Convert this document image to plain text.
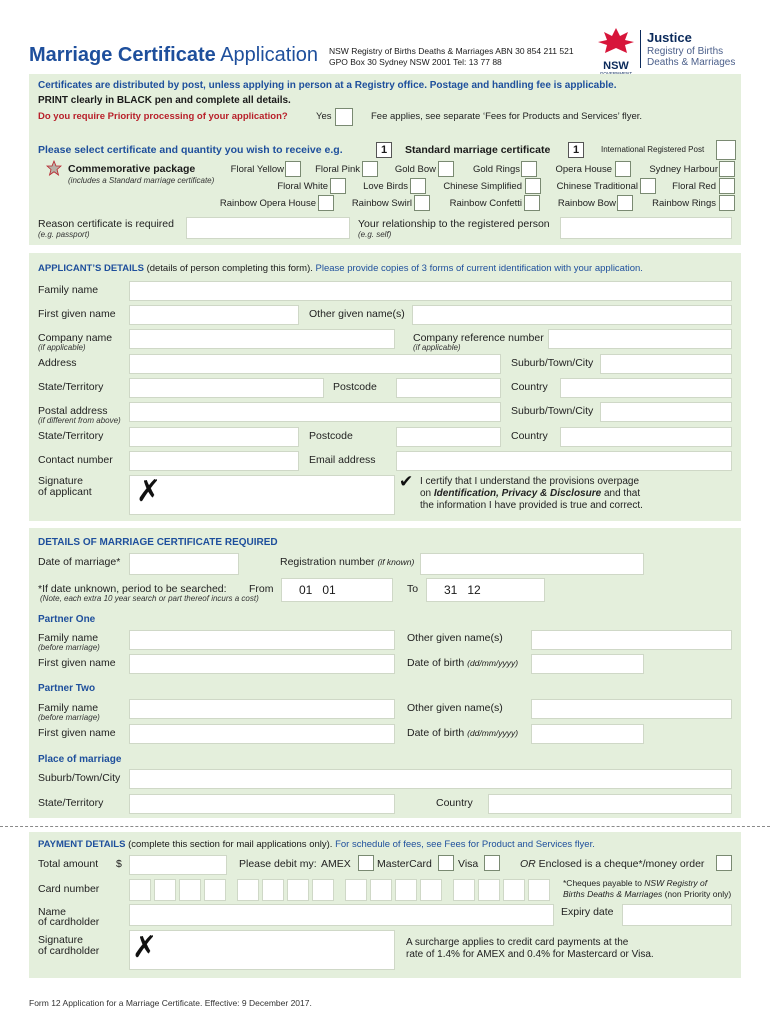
Marriage Certificate Application NSW Registry of Births Deaths & Marriages ABN 30 854 211 521
GPO Box 30 Sydney NSW 2001 Tel: 13 77 88	NSW
Justice
Registry of Births
Deaths & Marriages
Certificates are distributed by post, unless applying in person at a Registry office. Postage and handling fee is applicable.
PRINT clearly in BLACK pen and complete all details.
Do you require Priority processing of your application?	Yes	Fee applies, see separate ‘Fees for Products and Services’ flyer.
Please select certificate and quantity you wish to receive e.g.	1	Standard marriage certificate	1	International Registered Post
Commemorative package
(includes a Standard marriage certificate)
Floral Yellow	Floral Pink	Gold Bow	Gold Rings	Opera House	Sydney Harbour
Floral White	Love Birds	Chinese Simplified	Chinese Traditional	Floral Red
Rainbow Opera House	Rainbow Swirl	Rainbow Confetti	Rainbow Bow	Rainbow Rings
Reason certificate is required
(e.g. passport)
Your relationship to the registered person
(e.g. self)
APPLICANT’S DETAILS (details of person completing this form). Please provide copies of 3 forms of current identification with your application.
Family name
First given name	Other given name(s)
Company name
(if applicable)
Company reference number
(if applicable)
Address	Suburb/Town/City
State/Territory	Postcode	Country
Postal address
(if different from above)
Suburb/Town/City
State/Territory	Postcode	Country
Contact number	Email address
Signature
of applicant ✗	✔ I certify that I understand the provisions overpage
on Identification, Privacy & Disclosure and that
the information I have provided is true and correct.
DETAILS OF MARRIAGE CERTIFICATE REQUIRED
Date of marriage*	Registration number (if known)
*If date unknown, period to be searched:
(Note, each extra 10 year search or part thereof incurs a cost)
From 01   01	To 31   12
Partner One
Family name
(before marriage)
Other given name(s)
First given name	Date of birth (dd/mm/yyyy)
Partner Two
Family name
(before marriage)
Other given name(s)
First given name	Date of birth (dd/mm/yyyy)
Place of marriage
Suburb/Town/City
State/Territory	Country
PAYMENT DETAILS (complete this section for mail applications only). For schedule of fees, see Fees for Product and Services flyer.
Total amount $	Please debit my: AMEX MasterCard Visa	OR Enclosed is a cheque*/money order
Card number	*Cheques payable to NSW Registry of
Births Deaths & Marriages (non Priority only)
Name
of cardholder
Expiry date
Signature
of cardholder ✗	A surcharge applies to credit card payments at the
rate of 1.4% for AMEX and 0.4% for Mastercard or Visa.
Form 12 Application for a Marriage Certificate. Effective: 9 December 2017.
